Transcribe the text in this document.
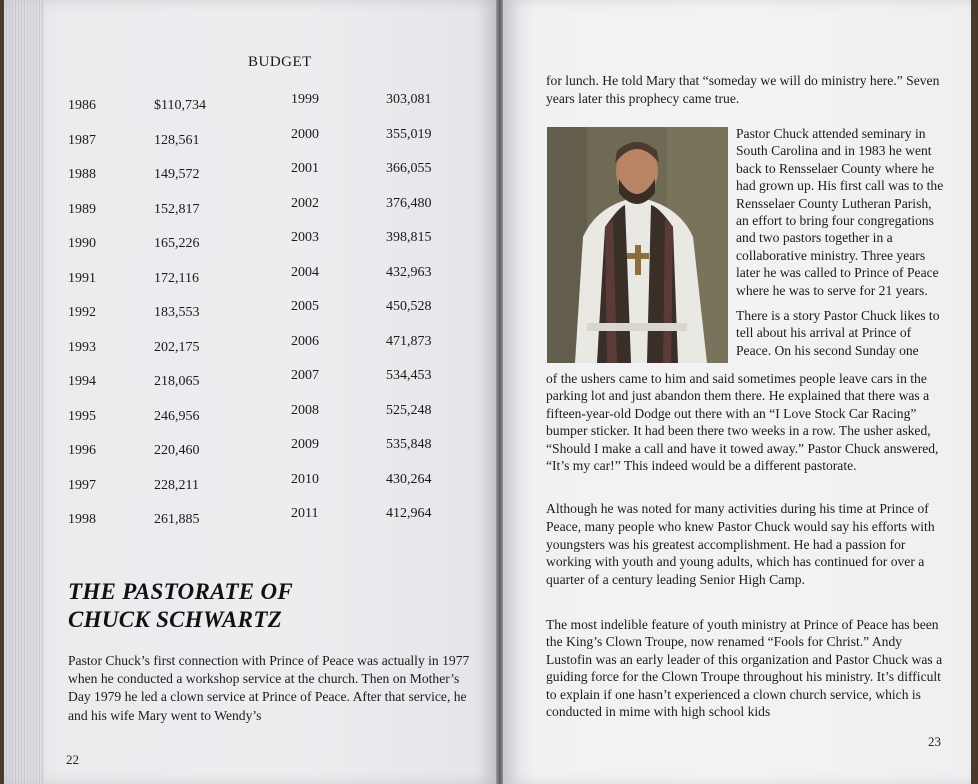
BUDGET
1986	$110,734	1999	303,081
1987	128,561	2000	355,019
1988	149,572	2001	366,055
1989	152,817	2002	376,480
1990	165,226	2003	398,815
1991	172,116	2004	432,963
1992	183,553	2005	450,528
1993	202,175	2006	471,873
1994	218,065	2007	534,453
1995	246,956	2008	525,248
1996	220,460	2009	535,848
1997	228,211	2010	430,264
1998	261,885	2011	412,964
THE PASTORATE OF
CHUCK SCHWARTZ

Pastor Chuck’s first connection with Prince of Peace was actually in 1977 when he conducted a workshop service at the church. Then on Mother’s Day 1979 he led a clown service at Prince of Peace. After that service, he and his wife Mary went to Wendy’s

22

for lunch. He told Mary that “someday we will do ministry here.” Seven years later this prophecy came true.

Pastor Chuck attended seminary in South Carolina and in 1983 he went back to Rensselaer County where he had grown up. His first call was to the Rensselaer County Lutheran Parish, an effort to bring four congregations and two pastors together in a collaborative ministry. Three years later he was called to Prince of Peace where he was to serve for 21 years.

There is a story Pastor Chuck likes to tell about his arrival at Prince of Peace. On his second Sunday one

of the ushers came to him and said sometimes people leave cars in the parking lot and just abandon them there. He explained that there was a fifteen-year-old Dodge out there with an “I Love Stock Car Racing” bumper sticker. It had been there two weeks in a row. The usher asked, “Should I make a call and have it towed away.” Pastor Chuck answered, “It’s my car!” This indeed would be a different pastorate.

Although he was noted for many activities during his time at Prince of Peace, many people who knew Pastor Chuck would say his efforts with youngsters was his greatest accomplishment. He had a passion for working with youth and young adults, which has continued for over a quarter of a century leading Senior High Camp.

The most indelible feature of youth ministry at Prince of Peace has been the King’s Clown Troupe, now renamed “Fools for Christ.” Andy Lustofin was an early leader of this organization and Pastor Chuck was a guiding force for the Clown Troupe throughout his ministry. It’s difficult to explain if one hasn’t experienced a clown church service, which is conducted in mime with high school kids

23
